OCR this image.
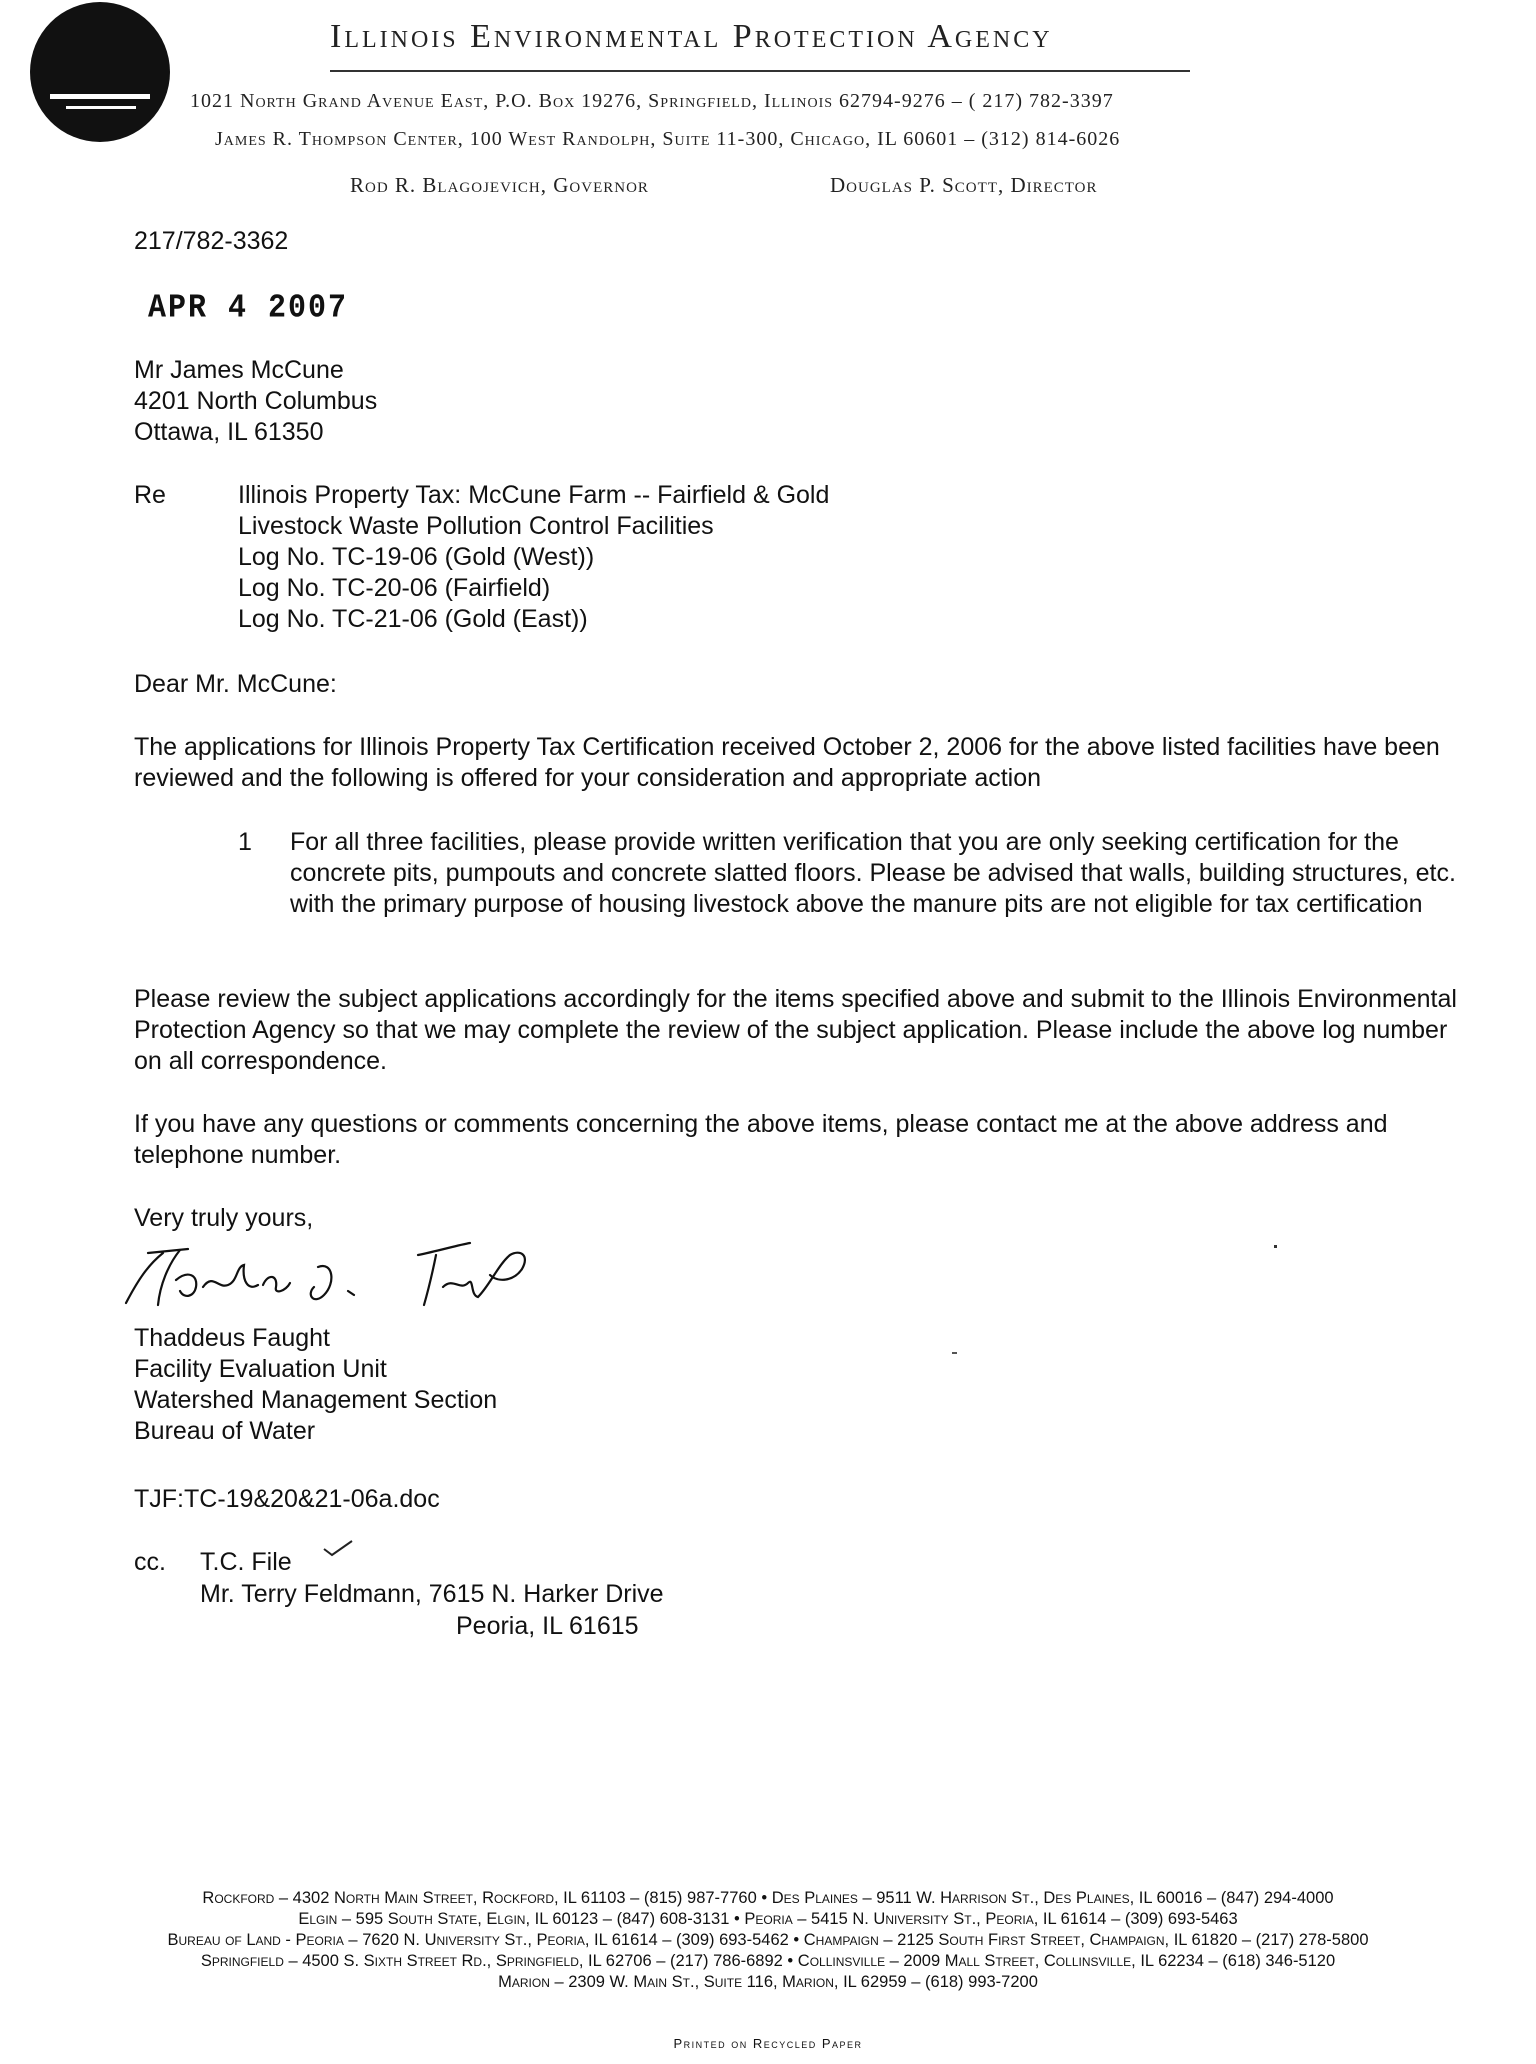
Illinois Environmental Protection Agency
1021 North Grand Avenue East, P.O. Box 19276, Springfield, Illinois 62794-9276 – ( 217) 782-3397
James R. Thompson Center, 100 West Randolph, Suite 11-300, Chicago, IL 60601 – (312) 814-6026
Rod R. Blagojevich, Governor	Douglas P. Scott, Director
217/782-3362
APR 4 2007
Mr James McCune
4201 North Columbus
Ottawa, IL 61350
Re	Illinois Property Tax: McCune Farm -- Fairfield & Gold
Livestock Waste Pollution Control Facilities
Log No. TC-19-06 (Gold (West))
Log No. TC-20-06 (Fairfield)
Log No. TC-21-06 (Gold (East))
Dear Mr. McCune:
The applications for Illinois Property Tax Certification received October 2, 2006 for the above listed facilities have been reviewed and the following is offered for your consideration and appropriate action
1 For all three facilities, please provide written verification that you are only seeking certification for the concrete pits, pumpouts and concrete slatted floors. Please be advised that walls, building structures, etc. with the primary purpose of housing livestock above the manure pits are not eligible for tax certification
Please review the subject applications accordingly for the items specified above and submit to the Illinois Environmental Protection Agency so that we may complete the review of the subject application. Please include the above log number on all correspondence.
If you have any questions or comments concerning the above items, please contact me at the above address and telephone number.
Very truly yours,
Thaddeus Faught
Facility Evaluation Unit
Watershed Management Section
Bureau of Water
TJF:TC-19&20&21-06a.doc
cc. T.C. File
Mr. Terry Feldmann, 7615 N. Harker Drive
Peoria, IL 61615
Rockford – 4302 North Main Street, Rockford, IL 61103 – (815) 987-7760 • Des Plaines – 9511 W. Harrison St., Des Plaines, IL 60016 – (847) 294-4000
Elgin – 595 South State, Elgin, IL 60123 – (847) 608-3131 • Peoria – 5415 N. University St., Peoria, IL 61614 – (309) 693-5463
Bureau of Land - Peoria – 7620 N. University St., Peoria, IL 61614 – (309) 693-5462 • Champaign – 2125 South First Street, Champaign, IL 61820 – (217) 278-5800
Springfield – 4500 S. Sixth Street Rd., Springfield, IL 62706 – (217) 786-6892 • Collinsville – 2009 Mall Street, Collinsville, IL 62234 – (618) 346-5120
Marion – 2309 W. Main St., Suite 116, Marion, IL 62959 – (618) 993-7200
Printed on Recycled Paper
